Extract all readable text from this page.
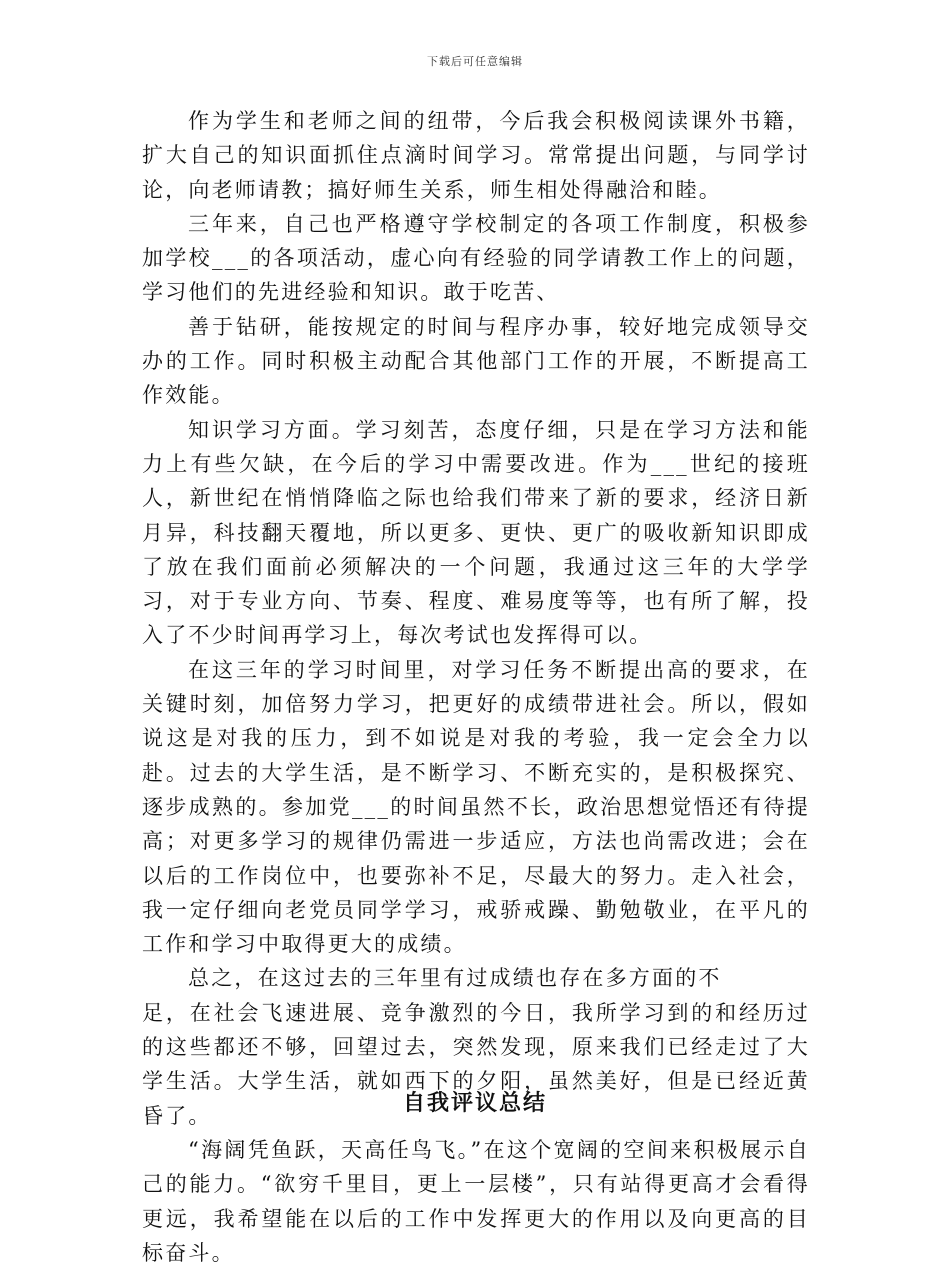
下载后可任意编辑

作为学生和老师之间的纽带，今后我会积极阅读课外书籍，扩大自己的知识面抓住点滴时间学习。常常提出问题，与同学讨论，向老师请教；搞好师生关系，师生相处得融洽和睦。

三年来，自己也严格遵守学校制定的各项工作制度，积极参加学校___的各项活动，虚心向有经验的同学请教工作上的问题，学习他们的先进经验和知识。敢于吃苦、

善于钻研，能按规定的时间与程序办事，较好地完成领导交办的工作。同时积极主动配合其他部门工作的开展，不断提高工作效能。

知识学习方面。学习刻苦，态度仔细，只是在学习方法和能力上有些欠缺，在今后的学习中需要改进。作为___世纪的接班人，新世纪在悄悄降临之际也给我们带来了新的要求，经济日新月异，科技翻天覆地，所以更多、更快、更广的吸收新知识即成了放在我们面前必须解决的一个问题，我通过这三年的大学学习，对于专业方向、节奏、程度、难易度等等，也有所了解，投入了不少时间再学习上，每次考试也发挥得可以。

在这三年的学习时间里，对学习任务不断提出高的要求，在关键时刻，加倍努力学习，把更好的成绩带进社会。所以，假如说这是对我的压力，到不如说是对我的考验，我一定会全力以赴。过去的大学生活，是不断学习、不断充实的，是积极探究、逐步成熟的。参加党___的时间虽然不长，政治思想觉悟还有待提高；对更多学习的规律仍需进一步适应，方法也尚需改进；会在以后的工作岗位中，也要弥补不足，尽最大的努力。走入社会，我一定仔细向老党员同学学习，戒骄戒躁、勤勉敬业，在平凡的工作和学习中取得更大的成绩。

总之，在这过去的三年里有过成绩也存在多方面的不

足，在社会飞速进展、竞争激烈的今日，我所学习到的和经历过的这些都还不够，回望过去，突然发现，原来我们已经走过了大学生活。大学生活，就如西下的夕阳，虽然美好，但是已经近黄昏了。

“海阔凭鱼跃，天高任鸟飞。”在这个宽阔的空间来积极展示自己的能力。“欲穷千里目，更上一层楼”，只有站得更高才会看得更远，我希望能在以后的工作中发挥更大的作用以及向更高的目标奋斗。

自我评议总结
